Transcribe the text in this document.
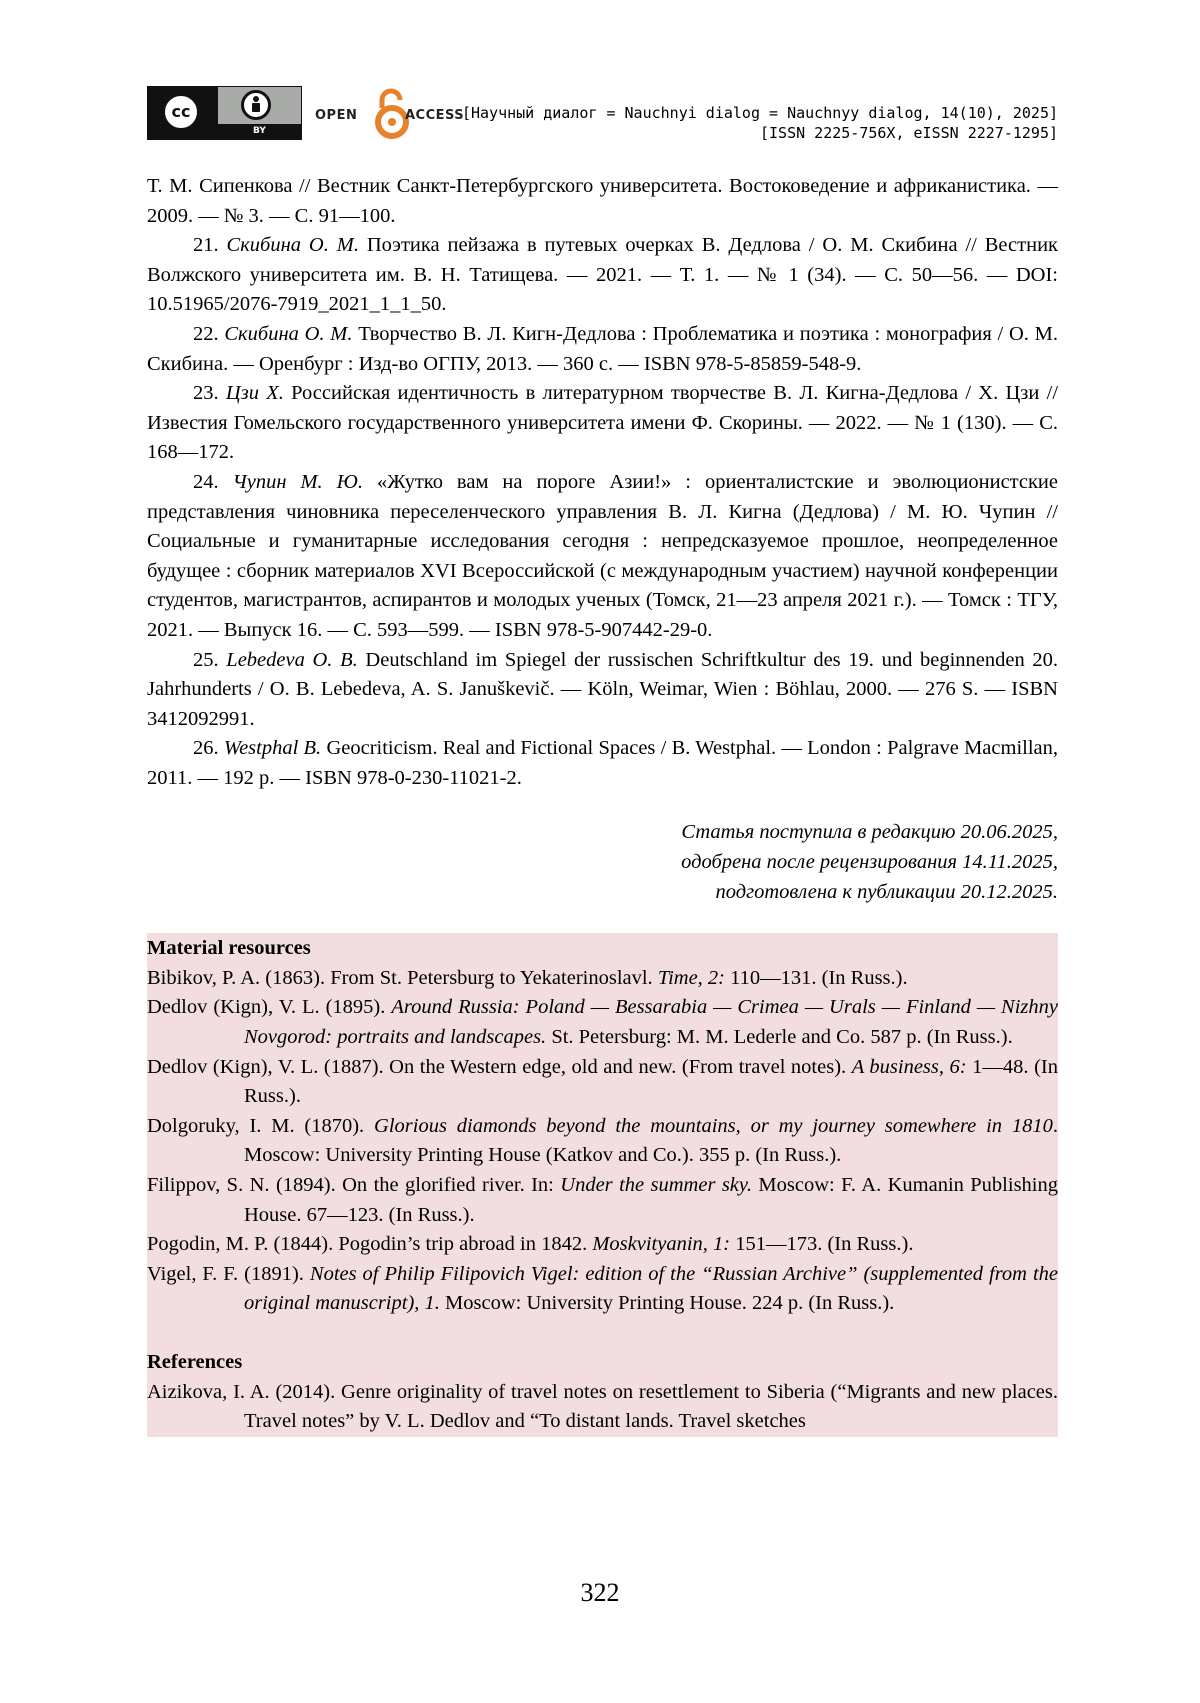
cc
BY
OPEN	ACCESS
[Научный диалог = Nauchnyi dialog = Nauchnyy dialog, 14(10), 2025]
[ISSN 2225-756X, eISSN 2227-1295]

Т. М. Сипенкова // Вестник Санкт-Петербургского университета. Востоковедение и африканистика. — 2009. — № 3. — С. 91—100.

21. Скибина О. М. Поэтика пейзажа в путевых очерках В. Дедлова / О. М. Скибина // Вестник Волжского университета им. В. Н. Татищева. — 2021. — Т. 1. — № 1 (34). — С. 50—56. — DOI: 10.51965/2076-7919_2021_1_1_50.

22. Скибина О. М. Творчество В. Л. Кигн-Дедлова : Проблематика и поэтика : монография / О. М. Скибина. — Оренбург : Изд-во ОГПУ, 2013. — 360 с. — ISBN 978-5-85859-548-9.

23. Цзи Х. Российская идентичность в литературном творчестве В. Л. Кигна-Дедлова / Х. Цзи // Известия Гомельского государственного университета имени Ф. Скорины. — 2022. — № 1 (130). — С. 168—172.

24. Чупин М. Ю. «Жутко вам на пороге Азии!» : ориенталистские и эволюционистские представления чиновника переселенческого управления В. Л. Кигна (Дедлова) / М. Ю. Чупин // Социальные и гуманитарные исследования сегодня : непредсказуемое прошлое, неопределенное будущее : сборник материалов XVI Всероссийской (с международным участием) научной конференции студентов, магистрантов, аспирантов и молодых ученых (Томск, 21—23 апреля 2021 г.). — Томск : ТГУ, 2021. — Выпуск 16. — С. 593—599. — ISBN 978-5-907442-29-0.

25. Lebedeva O. B. Deutschland im Spiegel der russischen Schriftkultur des 19. und beginnenden 20. Jahrhunderts / O. B. Lebedeva, A. S. Januškevič. — Köln, Weimar, Wien : Böhlau, 2000. — 276 S. — ISBN 3412092991.

26. Westphal B. Geocriticism. Real and Fictional Spaces / B. Westphal. — London : Palgrave Macmillan, 2011. — 192 p. — ISBN 978-0-230-11021-2.

Статья поступила в редакцию 20.06.2025,
одобрена после рецензирования 14.11.2025,
подготовлена к публикации 20.12.2025.
Material resources

Bibikov, P. A. (1863). From St. Petersburg to Yekaterinoslavl. Time, 2: 110—131. (In Russ.).

Dedlov (Kign), V. L. (1895). Around Russia: Poland — Bessarabia — Crimea — Urals — Finland — Nizhny Novgorod: portraits and landscapes. St. Petersburg: M. M. Lederle and Co. 587 p. (In Russ.).

Dedlov (Kign), V. L. (1887). On the Western edge, old and new. (From travel notes). A business, 6: 1—48. (In Russ.).

Dolgoruky, I. M. (1870). Glorious diamonds beyond the mountains, or my journey somewhere in 1810. Moscow: University Printing House (Katkov and Co.). 355 p. (In Russ.).

Filippov, S. N. (1894). On the glorified river. In: Under the summer sky. Moscow: F. A. Kumanin Publishing House. 67—123. (In Russ.).

Pogodin, M. P. (1844). Pogodin’s trip abroad in 1842. Moskvityanin, 1: 151—173. (In Russ.).

Vigel, F. F. (1891). Notes of Philip Filipovich Vigel: edition of the “Russian Archive” (supplemented from the original manuscript), 1. Moscow: University Printing House. 224 p. (In Russ.).

References

Aizikova, I. A. (2014). Genre originality of travel notes on resettlement to Siberia (“Migrants and new places. Travel notes” by V. L. Dedlov and “To distant lands. Travel sketches

322
